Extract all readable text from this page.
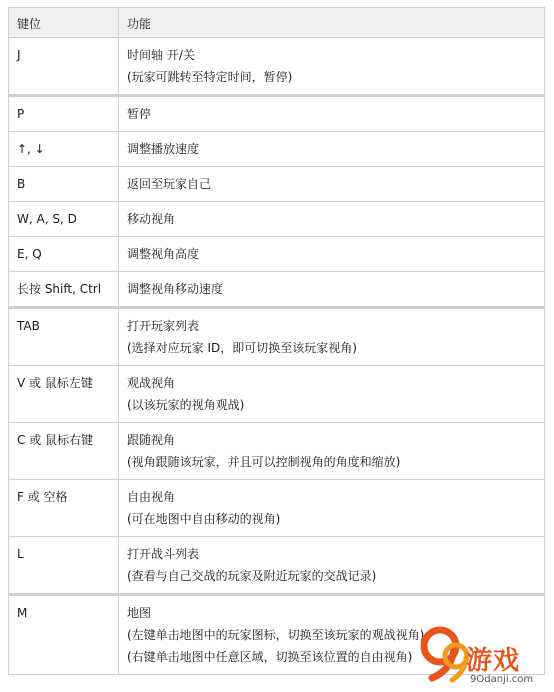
键位	功能
J	时间轴 开/关
(玩家可跳转至特定时间，暂停)

P	暂停

↑, ↓	调整播放速度

B	返回至玩家自己

W, A, S, D	移动视角

E, Q	调整视角高度

长按 Shift, Ctrl	调整视角移动速度

TAB	打开玩家列表
(选择对应玩家 ID，即可切换至该玩家视角)

V 或 鼠标左键	观战视角
(以该玩家的视角观战)

C 或 鼠标右键	跟随视角
(视角跟随该玩家，并且可以控制视角的角度和缩放)

F 或 空格	自由视角
(可在地图中自由移动的视角)

L	打开战斗列表
(查看与自己交战的玩家及附近玩家的交战记录)

M	地图
(左键单击地图中的玩家图标，切换至该玩家的观战视角)
(右键单击地图中任意区域，切换至该位置的自由视角)	游戏
9Odanji.com
